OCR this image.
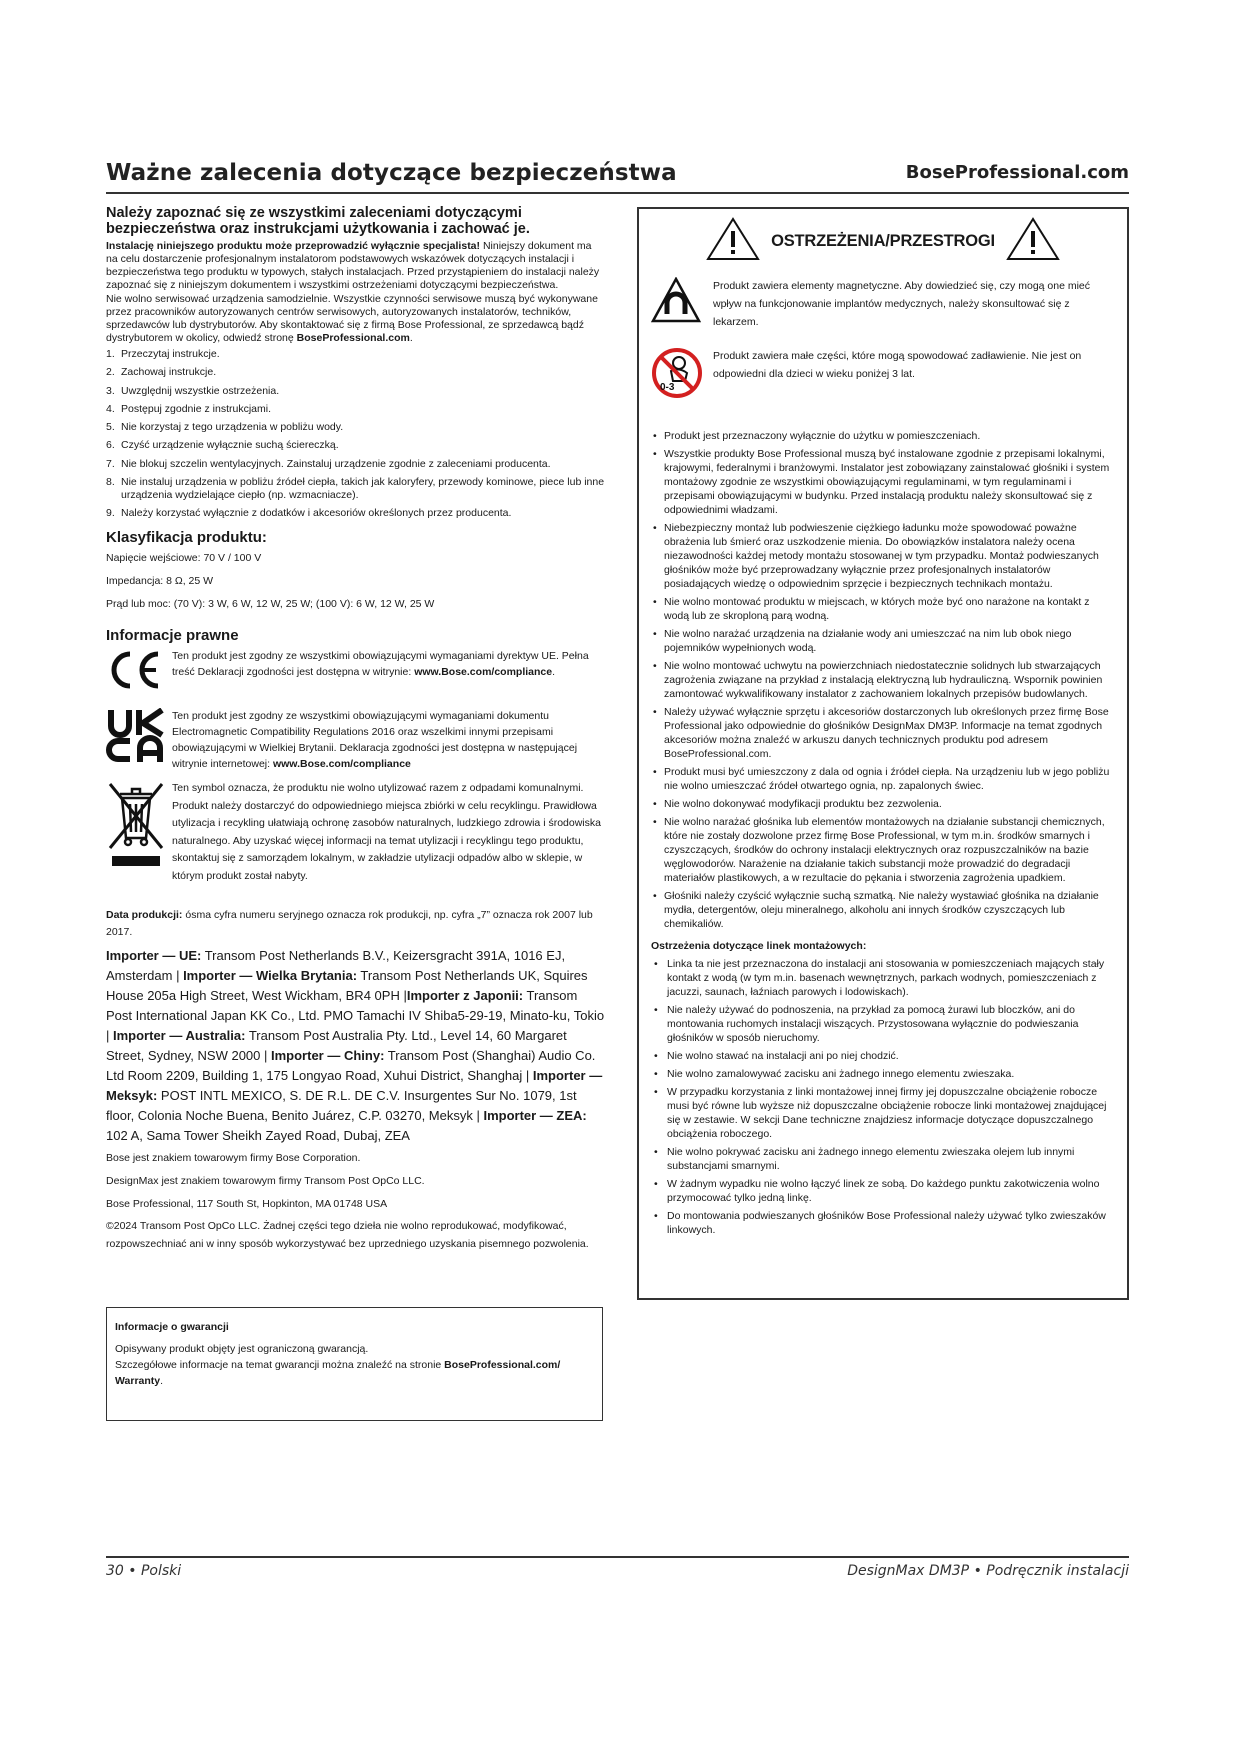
Ważne zalecenia dotyczące bezpieczeństwa	BoseProfessional.com
Należy zapoznać się ze wszystkimi zaleceniami dotyczącymi bezpieczeństwa oraz instrukcjami użytkowania i zachować je.

Instalację niniejszego produktu może przeprowadzić wyłącznie specjalista! Niniejszy dokument ma na celu dostarczenie profesjonalnym instalatorom podstawowych wskazówek dotyczących instalacji i bezpieczeństwa tego produktu w typowych, stałych instalacjach. Przed przystąpieniem do instalacji należy zapoznać się z niniejszym dokumentem i wszystkimi ostrzeżeniami dotyczącymi bezpieczeństwa.

Nie wolno serwisować urządzenia samodzielnie. Wszystkie czynności serwisowe muszą być wykonywane przez pracowników autoryzowanych centrów serwisowych, autoryzowanych instalatorów, techników, sprzedawców lub dystrybutorów. Aby skontaktować się z firmą Bose Professional, ze sprzedawcą bądź dystrybutorem w okolicy, odwiedź stronę BoseProfessional.com.

1. Przeczytaj instrukcje.
2. Zachowaj instrukcje.
3. Uwzględnij wszystkie ostrzeżenia.
4. Postępuj zgodnie z instrukcjami.
5. Nie korzystaj z tego urządzenia w pobliżu wody.
6. Czyść urządzenie wyłącznie suchą ściereczką.
7. Nie blokuj szczelin wentylacyjnych. Zainstaluj urządzenie zgodnie z zaleceniami producenta.
8. Nie instaluj urządzenia w pobliżu źródeł ciepła, takich jak kaloryfery, przewody kominowe, piece lub inne urządzenia wydzielające ciepło (np. wzmacniacze).
9. Należy korzystać wyłącznie z dodatków i akcesoriów określonych przez producenta.
Klasyfikacja produktu:
Napięcie wejściowe: 70 V / 100 V
Impedancja: 8 Ω, 25 W
Prąd lub moc: (70 V): 3 W, 6 W, 12 W, 25 W; (100 V): 6 W, 12 W, 25 W
Informacje prawne
Ten produkt jest zgodny ze wszystkimi obowiązującymi wymaganiami dyrektyw UE. Pełna treść Deklaracji zgodności jest dostępna w witrynie: www.Bose.com/compliance.
Ten produkt jest zgodny ze wszystkimi obowiązującymi wymaganiami dokumentu Electromagnetic Compatibility Regulations 2016 oraz wszelkimi innymi przepisami obowiązującymi w Wielkiej Brytanii. Deklaracja zgodności jest dostępna w następującej witrynie internetowej: www.Bose.com/compliance
Ten symbol oznacza, że produktu nie wolno utylizować razem z odpadami komunalnymi. Produkt należy dostarczyć do odpowiedniego miejsca zbiórki w celu recyklingu. Prawidłowa utylizacja i recykling ułatwiają ochronę zasobów naturalnych, ludzkiego zdrowia i środowiska naturalnego. Aby uzyskać więcej informacji na temat utylizacji i recyklingu tego produktu, skontaktuj się z samorządem lokalnym, w zakładzie utylizacji odpadów albo w sklepie, w którym produkt został nabyty.

Data produkcji: ósma cyfra numeru seryjnego oznacza rok produkcji, np. cyfra „7” oznacza rok 2007 lub 2017.

Importer — UE: Transom Post Netherlands B.V., Keizersgracht 391A, 1016 EJ, Amsterdam | Importer — Wielka Brytania: Transom Post Netherlands UK, Squires House 205a High Street, West Wickham, BR4 0PH |Importer z Japonii: Transom Post International Japan KK Co., Ltd. PMO Tamachi IV Shiba5-29-19, Minato-ku, Tokio | Importer — Australia: Transom Post Australia Pty. Ltd., Level 14, 60 Margaret Street, Sydney, NSW 2000 | Importer — Chiny: Transom Post (Shanghai) Audio Co. Ltd Room 2209, Building 1, 175 Longyao Road, Xuhui District, Shanghaj | Importer — Meksyk: POST INTL MEXICO, S. DE R.L. DE C.V. Insurgentes Sur No. 1079, 1st floor, Colonia Noche Buena, Benito Juárez, C.P. 03270, Meksyk | Importer — ZEA: 102 A, Sama Tower Sheikh Zayed Road, Dubaj, ZEA

Bose jest znakiem towarowym firmy Bose Corporation.

DesignMax jest znakiem towarowym firmy Transom Post OpCo LLC.

Bose Professional, 117 South St, Hopkinton, MA 01748 USA

©2024 Transom Post OpCo LLC. Żadnej części tego dzieła nie wolno reprodukować, modyfikować, rozpowszechniać ani w inny sposób wykorzystywać bez uprzedniego uzyskania pisemnego pozwolenia.

Informacje o gwarancji
Opisywany produkt objęty jest ograniczoną gwarancją.
Szczegółowe informacje na temat gwarancji można znaleźć na stronie BoseProfessional.com/ Warranty.
OSTRZEŻENIA/PRZESTROGI
Produkt zawiera elementy magnetyczne. Aby dowiedzieć się, czy mogą one mieć wpływ na funkcjonowanie implantów medycznych, należy skonsultować się z lekarzem.
0-3
Produkt zawiera małe części, które mogą spowodować zadławienie. Nie jest on odpowiedni dla dzieci w wieku poniżej 3 lat.
• Produkt jest przeznaczony wyłącznie do użytku w pomieszczeniach.
• Wszystkie produkty Bose Professional muszą być instalowane zgodnie z przepisami lokalnymi, krajowymi, federalnymi i branżowymi. Instalator jest zobowiązany zainstalować głośniki i system montażowy zgodnie ze wszystkimi obowiązującymi regulaminami, w tym regulaminami i przepisami obowiązującymi w budynku. Przed instalacją produktu należy skonsultować się z odpowiednimi władzami.
• Niebezpieczny montaż lub podwieszenie ciężkiego ładunku może spowodować poważne obrażenia lub śmierć oraz uszkodzenie mienia. Do obowiązków instalatora należy ocena niezawodności każdej metody montażu stosowanej w tym przypadku. Montaż podwieszanych głośników może być przeprowadzany wyłącznie przez profesjonalnych instalatorów posiadających wiedzę o odpowiednim sprzęcie i bezpiecznych technikach montażu.
• Nie wolno montować produktu w miejscach, w których może być ono narażone na kontakt z wodą lub ze skroploną parą wodną.
• Nie wolno narażać urządzenia na działanie wody ani umieszczać na nim lub obok niego pojemników wypełnionych wodą.
• Nie wolno montować uchwytu na powierzchniach niedostatecznie solidnych lub stwarzających zagrożenia związane na przykład z instalacją elektryczną lub hydrauliczną. Wspornik powinien zamontować wykwalifikowany instalator z zachowaniem lokalnych przepisów budowlanych.
• Należy używać wyłącznie sprzętu i akcesoriów dostarczonych lub określonych przez firmę Bose Professional jako odpowiednie do głośników DesignMax DM3P. Informacje na temat zgodnych akcesoriów można znaleźć w arkuszu danych technicznych produktu pod adresem BoseProfessional.com.
• Produkt musi być umieszczony z dala od ognia i źródeł ciepła. Na urządzeniu lub w jego pobliżu nie wolno umieszczać źródeł otwartego ognia, np. zapalonych świec.
• Nie wolno dokonywać modyfikacji produktu bez zezwolenia.
• Nie wolno narażać głośnika lub elementów montażowych na działanie substancji chemicznych, które nie zostały dozwolone przez firmę Bose Professional, w tym m.in. środków smarnych i czyszczących, środków do ochrony instalacji elektrycznych oraz rozpuszczalników na bazie węglowodorów. Narażenie na działanie takich substancji może prowadzić do degradacji materiałów plastikowych, a w rezultacie do pękania i stworzenia zagrożenia upadkiem.
• Głośniki należy czyścić wyłącznie suchą szmatką. Nie należy wystawiać głośnika na działanie mydła, detergentów, oleju mineralnego, alkoholu ani innych środków czyszczących lub chemikaliów.
Ostrzeżenia dotyczące linek montażowych:
• Linka ta nie jest przeznaczona do instalacji ani stosowania w pomieszczeniach mających stały kontakt z wodą (w tym m.in. basenach wewnętrznych, parkach wodnych, pomieszczeniach z jacuzzi, saunach, łaźniach parowych i lodowiskach).
• Nie należy używać do podnoszenia, na przykład za pomocą żurawi lub bloczków, ani do montowania ruchomych instalacji wiszących. Przystosowana wyłącznie do podwieszania głośników w sposób nieruchomy.
• Nie wolno stawać na instalacji ani po niej chodzić.
• Nie wolno zamalowywać zacisku ani żadnego innego elementu zwieszaka.
• W przypadku korzystania z linki montażowej innej firmy jej dopuszczalne obciążenie robocze musi być równe lub wyższe niż dopuszczalne obciążenie robocze linki montażowej znajdującej się w zestawie. W sekcji Dane techniczne znajdziesz informacje dotyczące dopuszczalnego obciążenia roboczego.
• Nie wolno pokrywać zacisku ani żadnego innego elementu zwieszaka olejem lub innymi substancjami smarnymi.
• W żadnym wypadku nie wolno łączyć linek ze sobą. Do każdego punktu zakotwiczenia wolno przymocować tylko jedną linkę.
• Do montowania podwieszanych głośników Bose Professional należy używać tylko zwieszaków linkowych.
30 • Polski	DesignMax DM3P • Podręcznik instalacji
